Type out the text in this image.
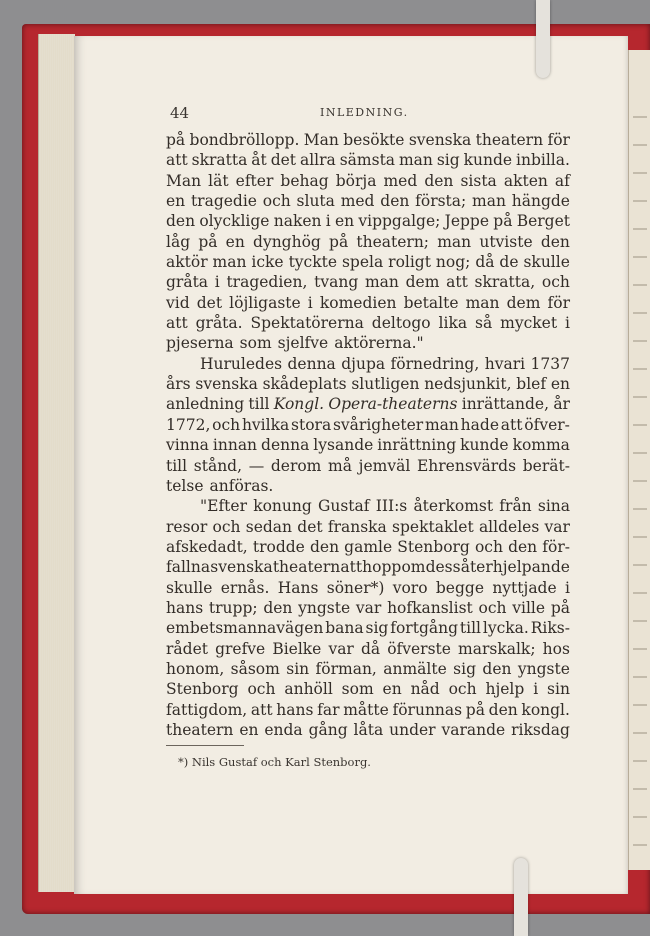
44	INLEDNING.
på bondbröllopp. Man besökte svenska theatern för
att skratta åt det allra sämsta man sig kunde inbilla.
Man lät efter behag börja med den sista akten af
en tragedie och sluta med den första; man hängde
den olycklige naken i en vippgalge; Jeppe på Berget
låg på en dynghög på theatern; man utviste den
aktör man icke tyckte spela roligt nog; då de skulle
gråta i tragedien, tvang man dem att skratta, och
vid det löjligaste i komedien betalte man dem för
att gråta. Spektatörerna deltogo lika så mycket i
pjeserna som sjelfve aktörerna."
Huruledes denna djupa förnedring, hvari 1737
års svenska skådeplats slutligen nedsjunkit, blef en
anledning till Kongl. Opera-theaterns inrättande, år
1772, och hvilka stora svårigheter man hade att öfver-
vinna innan denna lysande inrättning kunde komma
till stånd, — derom må jemväl Ehrensvärds berät-
telse anföras.
"Efter konung Gustaf III:s återkomst från sina
resor och sedan det franska spektaklet alldeles var
afskedadt, trodde den gamle Stenborg och den för-
fallna svenska theatern att hopp om dess återhjelpande
skulle ernås. Hans söner*) voro begge nyttjade i
hans trupp; den yngste var hofkanslist och ville på
embetsmannavägen bana sig fortgång till lycka. Riks-
rådet grefve Bielke var då öfverste marskalk; hos
honom, såsom sin förman, anmälte sig den yngste
Stenborg och anhöll som en nåd och hjelp i sin
fattigdom, att hans far måtte förunnas på den kongl.
theatern en enda gång låta under varande riksdag
*) Nils Gustaf och Karl Stenborg.
